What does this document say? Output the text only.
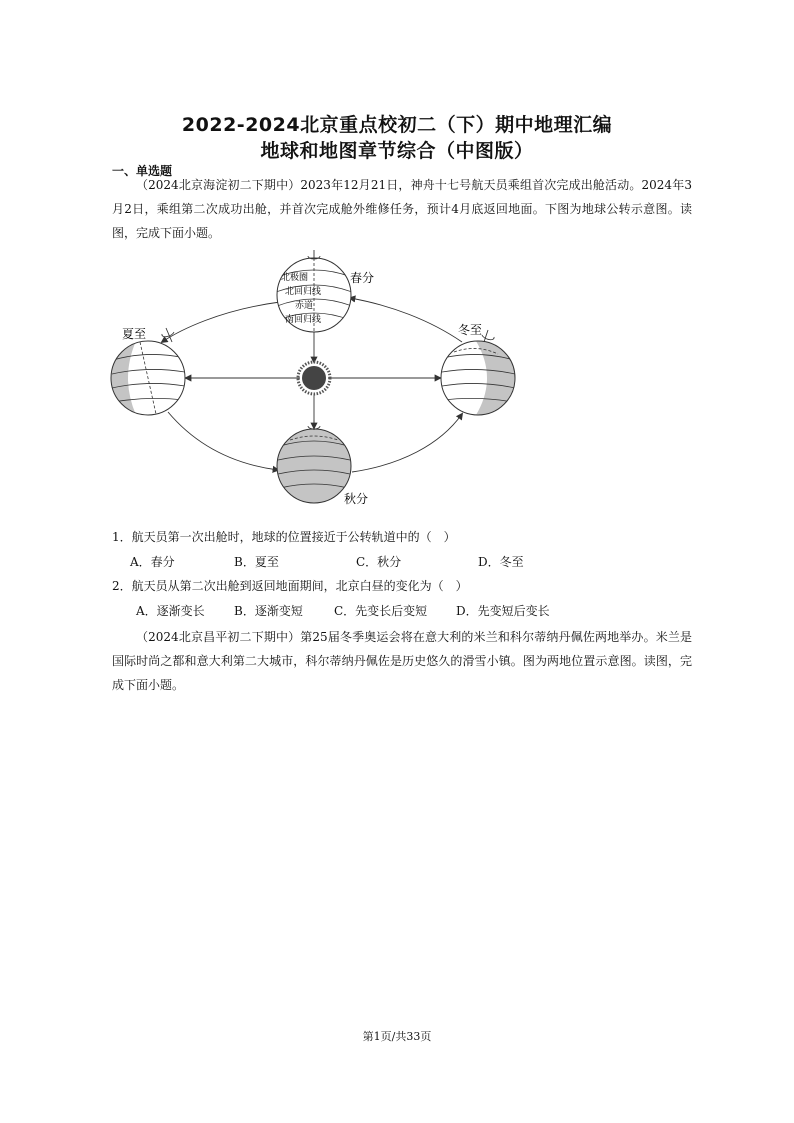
2022-2024北京重点校初二（下）期中地理汇编
地球和地图章节综合（中图版）
一、单选题
（2024北京海淀初二下期中）2023年12月21日，神舟十七号航天员乘组首次完成出舱活动。2024年3月2日，乘组第二次成功出舱，并首次完成舱外维修任务，预计4月底返回地面。下图为地球公转示意图。读图，完成下面小题。
北极圈
北回归线
赤道
南回归线
春分
夏至	冬至
秋分
1．航天员第一次出舱时，地球的位置接近于公转轨道中的（　）
A．春分	B．夏至	C．秋分	D．冬至
2．航天员从第二次出舱到返回地面期间，北京白昼的变化为（　）
A．逐渐变长 B．逐渐变短	C．先变长后变短 D．先变短后变长
（2024北京昌平初二下期中）第25届冬季奥运会将在意大利的米兰和科尔蒂纳丹佩佐两地举办。米兰是国际时尚之都和意大利第二大城市，科尔蒂纳丹佩佐是历史悠久的滑雪小镇。图为两地位置示意图。读图，完成下面小题。
第1页/共33页
